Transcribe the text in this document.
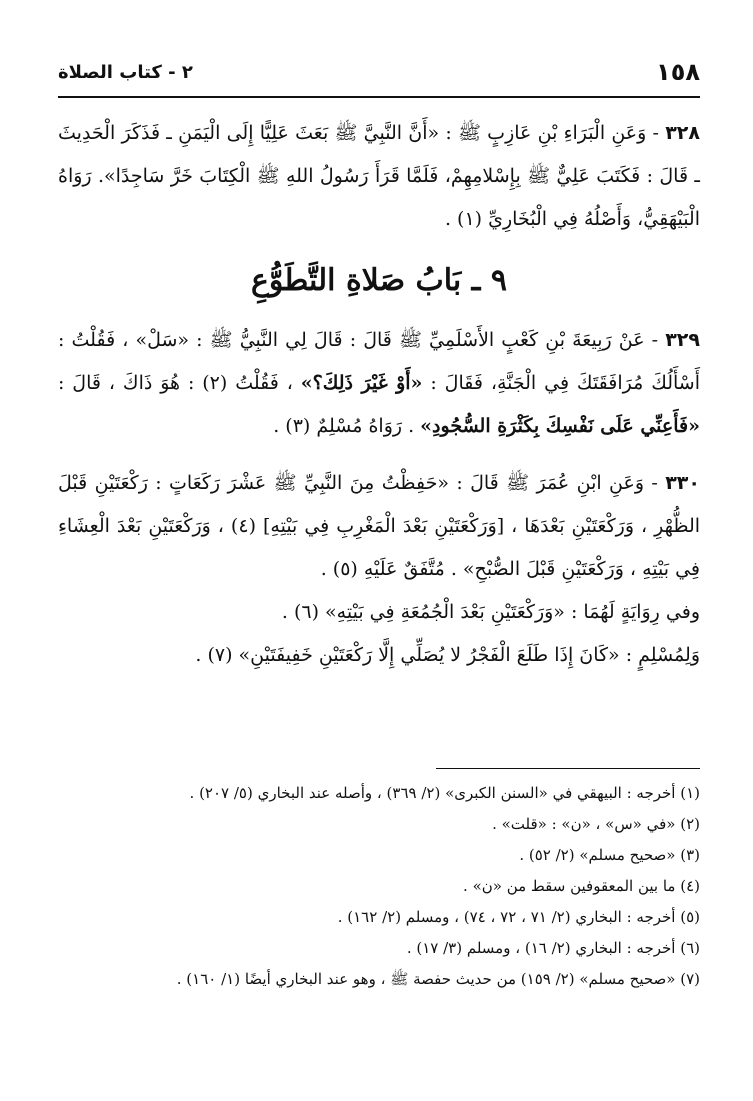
١٥٨
٢ - كتاب الصلاة

٣٢٨ - وَعَنِ الْبَرَاءِ بْنِ عَازِبٍ ﷺ : «أَنَّ النَّبِيَّ ﷺ بَعَثَ عَلِيًّا إِلَى الْيَمَنِ ـ فَذَكَرَ الْحَدِيثَ ـ قَالَ : فَكَتَبَ عَلِيٌّ ﷺ بِإِسْلامِهِمْ، فَلَمَّا قَرَأَ رَسُولُ اللهِ ﷺ الْكِتَابَ خَرَّ سَاجِدًا». رَوَاهُ الْبَيْهَقِيُّ، وَأَصْلُهُ فِي الْبُخَارِيِّ (١) .

٩ ـ بَابُ صَلاةِ التَّطَوُّعِ

٣٢٩ - عَنْ رَبِيعَةَ بْنِ كَعْبٍ الأَسْلَمِيِّ ﷺ قَالَ : قَالَ لِي النَّبِيُّ ﷺ : «سَلْ» ، فَقُلْتُ : أَسْأَلُكَ مُرَافَقَتَكَ فِي الْجَنَّةِ، فَقَالَ : «أَوْ غَيْرَ ذَلِكَ؟» ، فَقُلْتُ (٢) : هُوَ ذَاكَ ، قَالَ : «فَأَعِنِّي عَلَى نَفْسِكَ بِكَثْرَةِ السُّجُودِ» . رَوَاهُ مُسْلِمٌ (٣) .

٣٣٠ - وَعَنِ ابْنِ عُمَرَ ﷺ قَالَ : «حَفِظْتُ مِنَ النَّبِيِّ ﷺ عَشْرَ رَكَعَاتٍ : رَكْعَتَيْنِ قَبْلَ الظُّهْرِ ، وَرَكْعَتَيْنِ بَعْدَهَا ، [وَرَكْعَتَيْنِ بَعْدَ الْمَغْرِبِ فِي بَيْتِهِ] (٤) ، وَرَكْعَتَيْنِ بَعْدَ الْعِشَاءِ فِي بَيْتِهِ ، وَرَكْعَتَيْنِ قَبْلَ الصُّبْحِ» . مُتَّفَقٌ عَلَيْهِ (٥) .

وفي رِوَايَةٍ لَهُمَا : «وَرَكْعَتَيْنِ بَعْدَ الْجُمُعَةِ فِي بَيْتِهِ» (٦) .

وَلِمُسْلِمٍ : «كَانَ إِذَا طَلَعَ الْفَجْرُ لا يُصَلِّي إِلَّا رَكْعَتَيْنِ خَفِيفَتَيْنِ» (٧) .

(١) أخرجه : البيهقي في «السنن الكبرى» (٢/ ٣٦٩) ، وأصله عند البخاري (٥/ ٢٠٧) .

(٢) «في «س» ، «ن» : «قلت» .

(٣) «صحيح مسلم» (٢/ ٥٢) .

(٤) ما بين المعقوفين سقط من «ن» .

(٥) أخرجه : البخاري (٢/ ٧١ ، ٧٢ ، ٧٤) ، ومسلم (٢/ ١٦٢) .

(٦) أخرجه : البخاري (٢/ ١٦) ، ومسلم (٣/ ١٧) .

(٧) «صحيح مسلم» (٢/ ١٥٩) من حديث حفصة ﷺ ، وهو عند البخاري أيضًا (١/ ١٦٠) .
